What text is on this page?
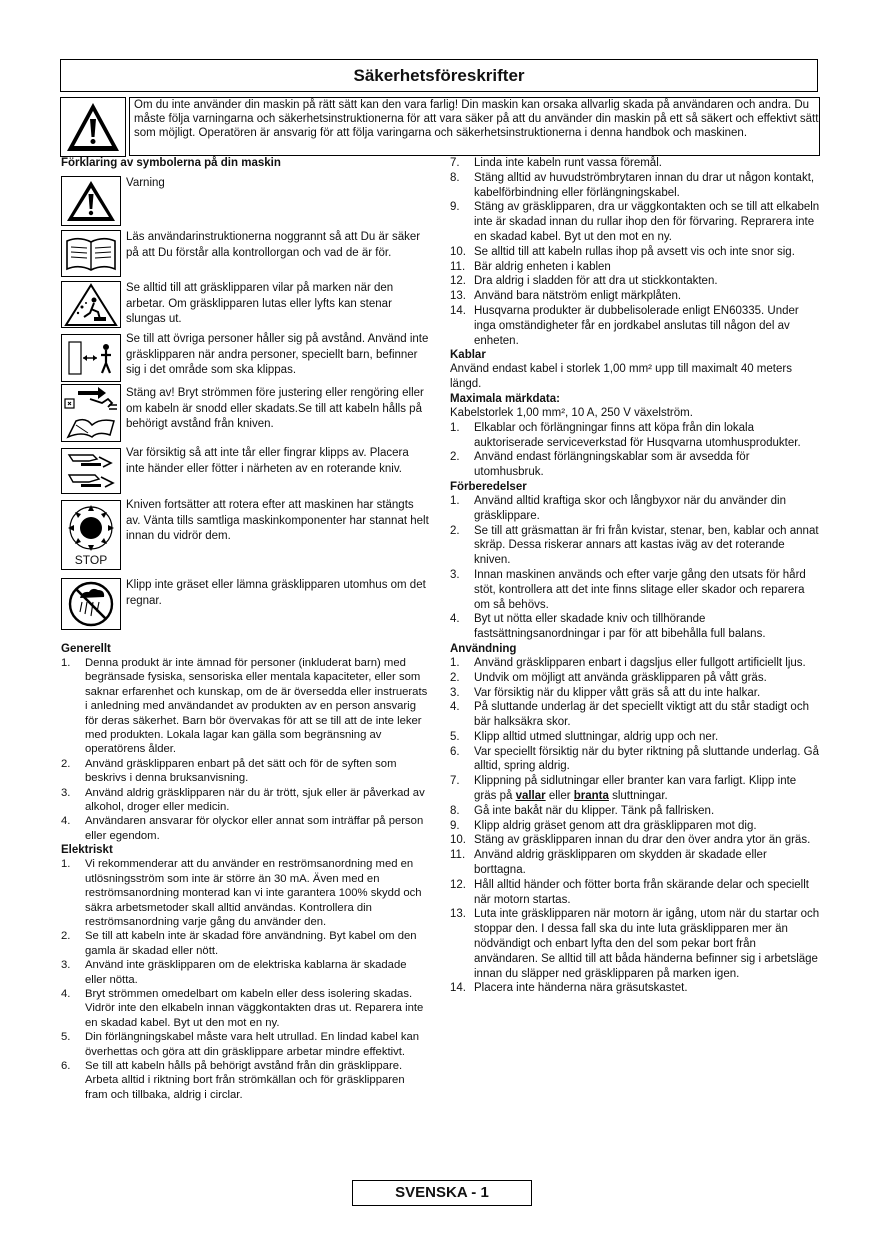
Säkerhetsföreskrifter
Om du inte använder din maskin på rätt sätt kan den vara farlig! Din maskin kan orsaka allvarlig skada på användaren och andra. Du måste följa varningarna och säkerhetsinstruktionerna för att vara säker på att du använder din maskin på ett så säkert och effektivt sätt som möjligt. Operatören är ansvarig för att följa varingarna och säkerhetsinstruktionerna i denna handbok och maskinen.
Förklaring av symbolerna på din maskin
Varning
Läs användarinstruktionerna noggrannt så att Du är säker på att Du förstår alla kontrollorgan och vad de är för.
Se alltid till att gräsklipparen vilar på marken när den arbetar. Om gräsklipparen lutas eller lyfts kan stenar slungas ut.
Se till att övriga personer håller sig på avstånd. Använd inte gräsklipparen när andra personer, speciellt barn, befinner sig i det område som ska klippas.
Stäng av! Bryt strömmen före justering eller rengöring eller om kabeln är snodd eller skadats.Se till att kabeln hålls på behörigt avstånd från kniven.
Var försiktig så att inte tår eller fingrar klipps av. Placera inte händer eller fötter i närheten av en roterande kniv.
STOP
Kniven fortsätter att rotera efter att maskinen har stängts av. Vänta tills samtliga maskinkomponenter har stannat helt innan du vidrör dem.
Klipp inte gräset eller lämna gräsklipparen utomhus om det regnar.
Generellt
1.	Denna produkt är inte ämnad för personer (inkluderat barn) med begränsade fysiska, sensoriska eller mentala kapaciteter, eller som saknar erfarenhet och kunskap, om de är översedda eller instruerats i anledning med användandet av produkten av en person ansvarig för deras säkerhet. Barn bör övervakas för att se till att de inte leker med produkten. Lokala lagar kan gälla som begränsning av operatörens ålder.
2.	Använd gräsklipparen enbart på det sätt och för de syften som beskrivs i denna bruksanvisning.
3.	Använd aldrig gräsklipparen när du är trött, sjuk eller är påverkad av alkohol, droger eller medicin.
4.	Användaren ansvarar för olyckor eller annat som inträffar på person eller egendom.
Elektriskt
1.	Vi rekommenderar att du använder en reströmsanordning med en utlösningsström som inte är större än 30 mA. Även med en reströmsanordning monterad kan vi inte garantera 100% skydd och säkra arbetsmetoder skall alltid användas. Kontrollera din reströmsanordning varje gång du använder den.
2.	Se till att kabeln inte är skadad före användning. Byt kabel om den gamla är skadad eller nött.
3.	Använd inte gräsklipparen om de elektriska kablarna är skadade eller nötta.
4.	Bryt strömmen omedelbart om kabeln eller dess isolering skadas. Vidrör inte den elkabeln innan väggkontakten dras ut. Reparera inte en skadad kabel. Byt ut den mot en ny.
5.	Din förlängningskabel måste vara helt utrullad. En lindad kabel kan överhettas och göra att din gräsklippare arbetar mindre effektivt.
6.	Se till att kabeln hålls på behörigt avstånd från din gräsklippare. Arbeta alltid i riktning bort från strömkällan och för gräsklipparen fram och tillbaka, aldrig i circlar.
7.	Linda inte kabeln runt vassa föremål.
8.	Stäng alltid av huvudströmbrytaren innan du drar ut någon kontakt, kabelförbindning eller förlängningskabel.
9.	Stäng av gräsklipparen, dra ur väggkontakten och se till att elkabeln inte är skadad innan du rullar ihop den för förvaring. Reprarera inte en skadad kabel. Byt ut den mot en ny.
10. Se alltid till att kabeln rullas ihop på avsett vis och inte snor sig.
11. Bär aldrig enheten i kablen
12. Dra aldrig i sladden för att dra ut stickkontakten.
13. Använd bara nätström enligt märkplåten.
14. Husqvarna produkter är dubbelisolerade enligt EN60335. Under inga omständigheter får en jordkabel anslutas till någon del av enheten.
Kablar
Använd endast kabel i storlek 1,00 mm² upp till maximalt 40 meters längd.
Maximala märkdata:
Kabelstorlek 1,00 mm², 10 A, 250 V växelström.
1.	Elkablar och förlängningar finns att köpa från din lokala auktoriserade serviceverkstad för Husqvarna utomhusprodukter.
2.	Använd endast förlängningskablar som är avsedda för utomhusbruk.
Förberedelser
1.	Använd alltid kraftiga skor och långbyxor när du använder din gräsklippare.
2.	Se till att gräsmattan är fri från kvistar, stenar, ben, kablar och annat skräp. Dessa riskerar annars att kastas iväg av det roterande kniven.
3.	Innan maskinen används och efter varje gång den utsats för hård stöt, kontrollera att det inte finns slitage eller skador och reparera om så behövs.
4.	Byt ut nötta eller skadade kniv och tillhörande fastsättningsanordningar i par för att bibehålla full balans.
Användning
1.	Använd gräsklipparen enbart i dagsljus eller fullgott artificiellt ljus.
2.	Undvik om möjligt att använda gräsklipparen på vått gräs.
3.	Var försiktig när du klipper vått gräs så att du inte halkar.
4.	På sluttande underlag är det speciellt viktigt att du står stadigt och bär halksäkra skor.
5.	Klipp alltid utmed sluttningar, aldrig upp och ner.
6.	Var speciellt försiktig när du byter riktning på sluttande underlag. Gå alltid, spring aldrig.
7.	Klippning på sidlutningar eller branter kan vara farligt. Klipp inte gräs på vallar eller branta sluttningar.
8.	Gå inte bakåt när du klipper. Tänk på fallrisken.
9.	Klipp aldrig gräset genom att dra gräsklipparen mot dig.
10. Stäng av gräsklipparen innan du drar den över andra ytor än gräs.
11. Använd aldrig gräsklipparen om skydden är skadade eller borttagna.
12. Håll alltid händer och fötter borta från skärande delar och speciellt när motorn startas.
13. Luta inte gräsklipparen när motorn är igång, utom när du startar och stoppar den. I dessa fall ska du inte luta gräsklipparen mer än nödvändigt och enbart lyfta den del som pekar bort från användaren. Se alltid till att båda händerna befinner sig i arbetsläge innan du släpper ned gräsklipparen på marken igen.
14. Placera inte händerna nära gräsutskastet.
SVENSKA - 1
